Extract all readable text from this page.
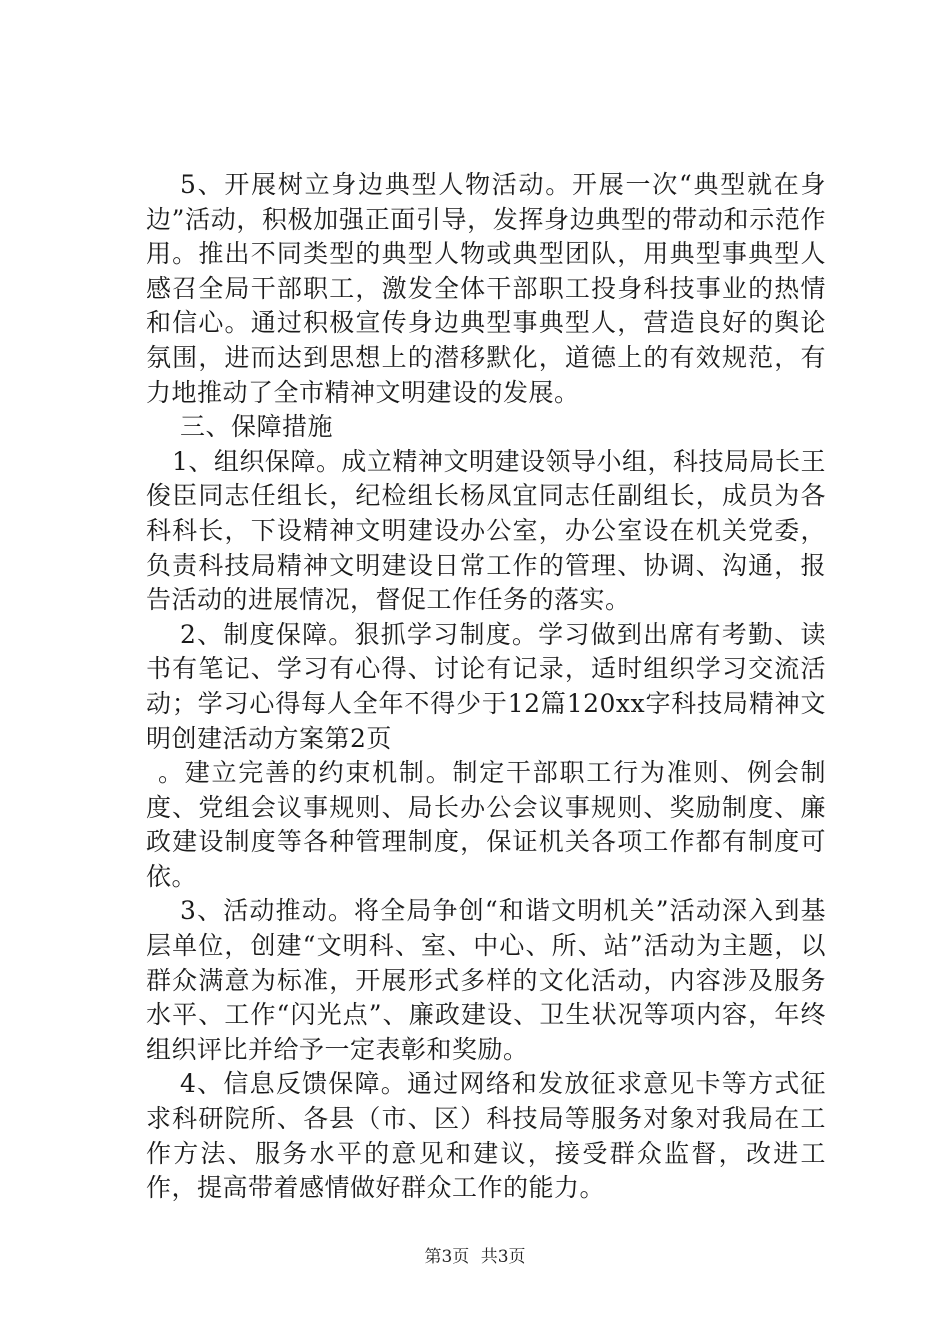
5、开展树立身边典型人物活动。开展一次“典型就在身边”活动，积极加强正面引导，发挥身边典型的带动和示范作用。推出不同类型的典型人物或典型团队，用典型事典型人感召全局干部职工，激发全体干部职工投身科技事业的热情和信心。通过积极宣传身边典型事典型人，营造良好的舆论氛围，进而达到思想上的潜移默化，道德上的有效规范，有力地推动了全市精神文明建设的发展。

三、保障措施

1、组织保障。成立精神文明建设领导小组，科技局局长王俊臣同志任组长，纪检组长杨凤宜同志任副组长，成员为各科科长，下设精神文明建设办公室，办公室设在机关党委，负责科技局精神文明建设日常工作的管理、协调、沟通，报告活动的进展情况，督促工作任务的落实。

2、制度保障。狠抓学习制度。学习做到出席有考勤、读书有笔记、学习有心得、讨论有记录，适时组织学习交流活动；学习心得每人全年不得少于12篇120xx字科技局精神文明创建活动方案第2页

。建立完善的约束机制。制定干部职工行为准则、例会制度、党组会议事规则、局长办公会议事规则、奖励制度、廉政建设制度等各种管理制度，保证机关各项工作都有制度可依。

3、活动推动。将全局争创“和谐文明机关”活动深入到基层单位，创建“文明科、室、中心、所、站”活动为主题，以群众满意为标准，开展形式多样的文化活动，内容涉及服务水平、工作“闪光点”、廉政建设、卫生状况等项内容，年终组织评比并给予一定表彰和奖励。

4、信息反馈保障。通过网络和发放征求意见卡等方式征求科研院所、各县（市、区）科技局等服务对象对我局在工作方法、服务水平的意见和建议，接受群众监督，改进工作，提高带着感情做好群众工作的能力。

第3页 共3页
